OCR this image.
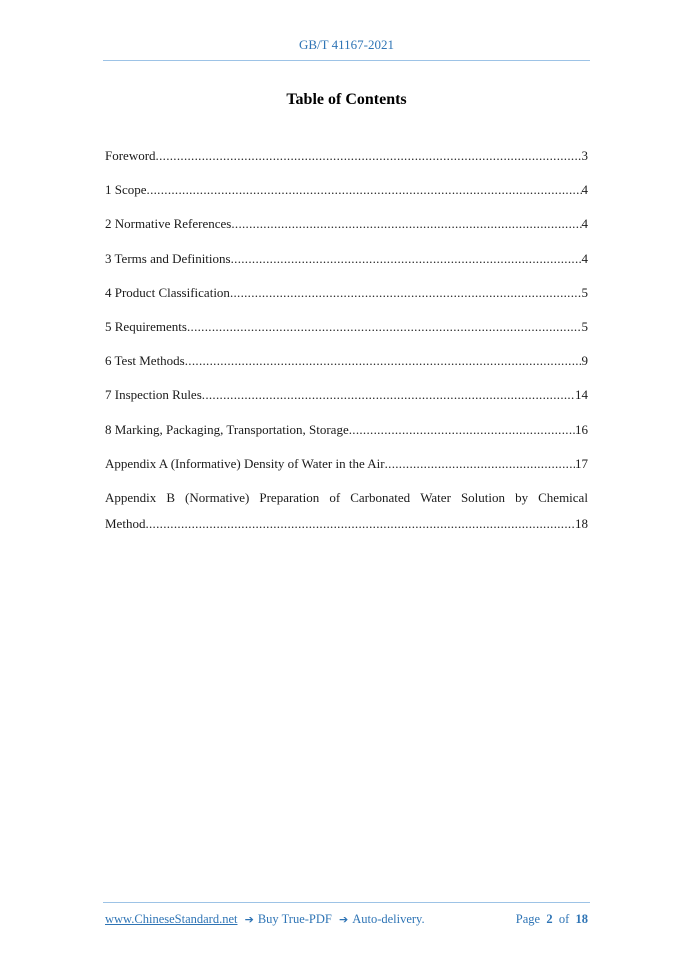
GB/T 41167-2021
Table of Contents
Foreword .....	3
1 Scope .....	4
2 Normative References .....	4
3 Terms and Definitions .....	4
4 Product Classification .....	5
5 Requirements .....	5
6 Test Methods .....	9
7 Inspection Rules .....	14
8 Marking, Packaging, Transportation, Storage .....	16
Appendix A (Informative) Density of Water in the Air .....	17
Appendix B (Normative) Preparation of Carbonated Water Solution by Chemical
Method .....	18
www.ChineseStandard.net ➔ Buy True-PDF ➔ Auto-delivery.	Page 2 of 18
